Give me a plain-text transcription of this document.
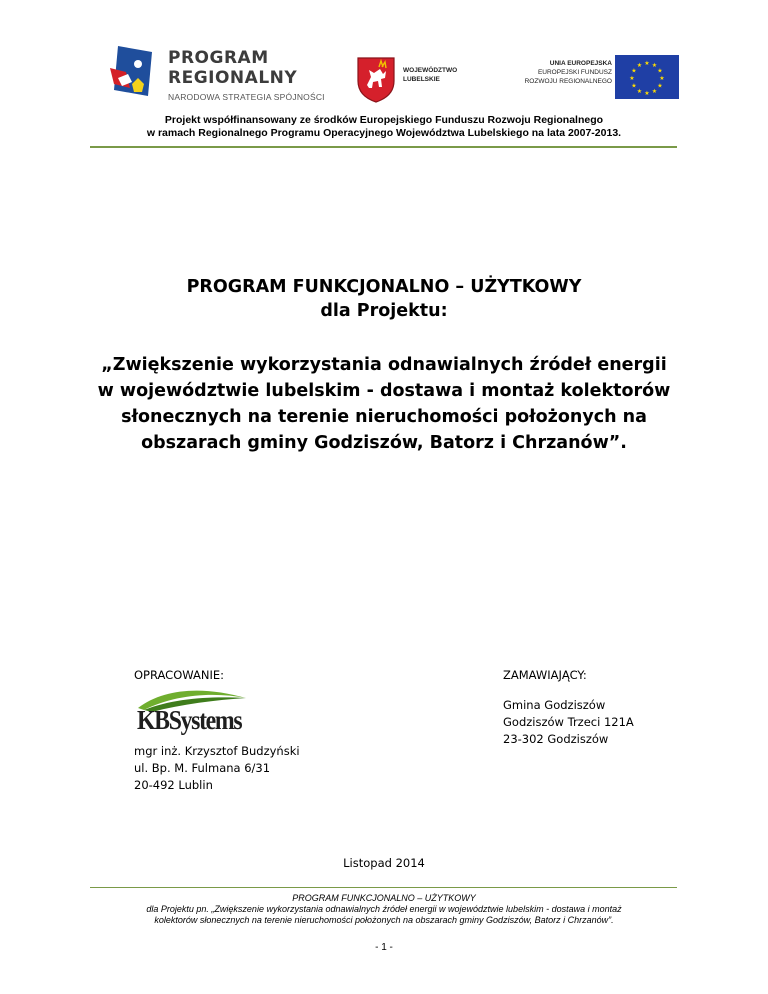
PROGRAM
REGIONALNY
NARODOWA STRATEGIA SPÓJNOŚCI
WOJEWÓDZTWO
LUBELSKIE
UNIA EUROPEJSKA
EUROPEJSKI FUNDUSZ
ROZWOJU REGIONALNEGO
★ ★
★
★
★
★
★
★
★
★
★
★
Projekt współfinansowany ze środków Europejskiego Funduszu Rozwoju Regionalnego
w ramach Regionalnego Programu Operacyjnego Województwa Lubelskiego na lata 2007-2013.
PROGRAM FUNKCJONALNO – UŻYTKOWY
dla Projektu:
„Zwiększenie wykorzystania odnawialnych źródeł energii
w województwie lubelskim - dostawa i montaż kolektorów
słonecznych na terenie nieruchomości położonych na
obszarach gminy Godziszów, Batorz i Chrzanów”.
OPRACOWANIE:
KBSystems
mgr inż. Krzysztof Budzyński
ul. Bp. M. Fulmana 6/31
20-492 Lublin
ZAMAWIAJĄCY:
Gmina Godziszów
Godziszów Trzeci 121A
23-302 Godziszów
Listopad 2014
PROGRAM FUNKCJONALNO – UŻYTKOWY
dla Projektu pn. „Zwiększenie wykorzystania odnawialnych źródeł energii w województwie lubelskim - dostawa i montaż
kolektorów słonecznych na terenie nieruchomości położonych na obszarach gminy Godziszów, Batorz i Chrzanów”.
- 1 -
